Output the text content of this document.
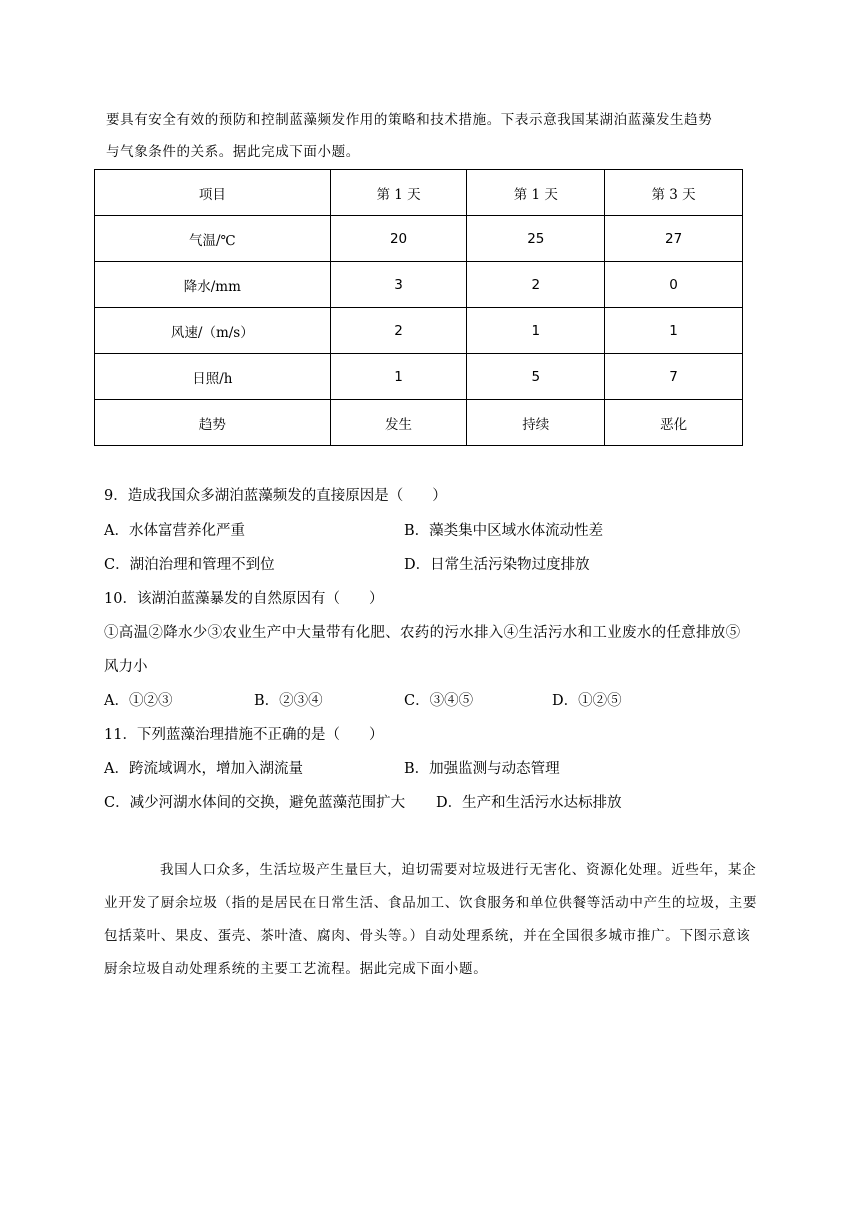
要具有安全有效的预防和控制蓝藻频发作用的策略和技术措施。下表示意我国某湖泊蓝藻发生趋势

与气象条件的关系。据此完成下面小题。

项目	第 1 天	第 1 天	第 3 天
气温/℃	20	25	27
降水/mm	3	2	0
风速/（m/s）	2	1	1
日照/h	1	5	7
趋势	发生	持续	恶化
9．造成我国众多湖泊蓝藻频发的直接原因是（　　）
A．水体富营养化严重	B．藻类集中区域水体流动性差
C．湖泊治理和管理不到位	D．日常生活污染物过度排放
10．该湖泊蓝藻暴发的自然原因有（　　）
①高温②降水少③农业生产中大量带有化肥、农药的污水排入④生活污水和工业废水的任意排放⑤
风力小
A．①②③	B．②③④	C．③④⑤	D．①②⑤
11．下列蓝藻治理措施不正确的是（　　）
A．跨流域调水，增加入湖流量	B．加强监测与动态管理
C．减少河湖水体间的交换，避免蓝藻范围扩大 D．生产和生活污水达标排放

我国人口众多，生活垃圾产生量巨大，迫切需要对垃圾进行无害化、资源化处理。近些年，某企业开发了厨余垃圾（指的是居民在日常生活、食品加工、饮食服务和单位供餐等活动中产生的垃圾，主要包括菜叶、果皮、蛋壳、茶叶渣、腐肉、骨头等。）自动处理系统，并在全国很多城市推广。下图示意该厨余垃圾自动处理系统的主要工艺流程。据此完成下面小题。
